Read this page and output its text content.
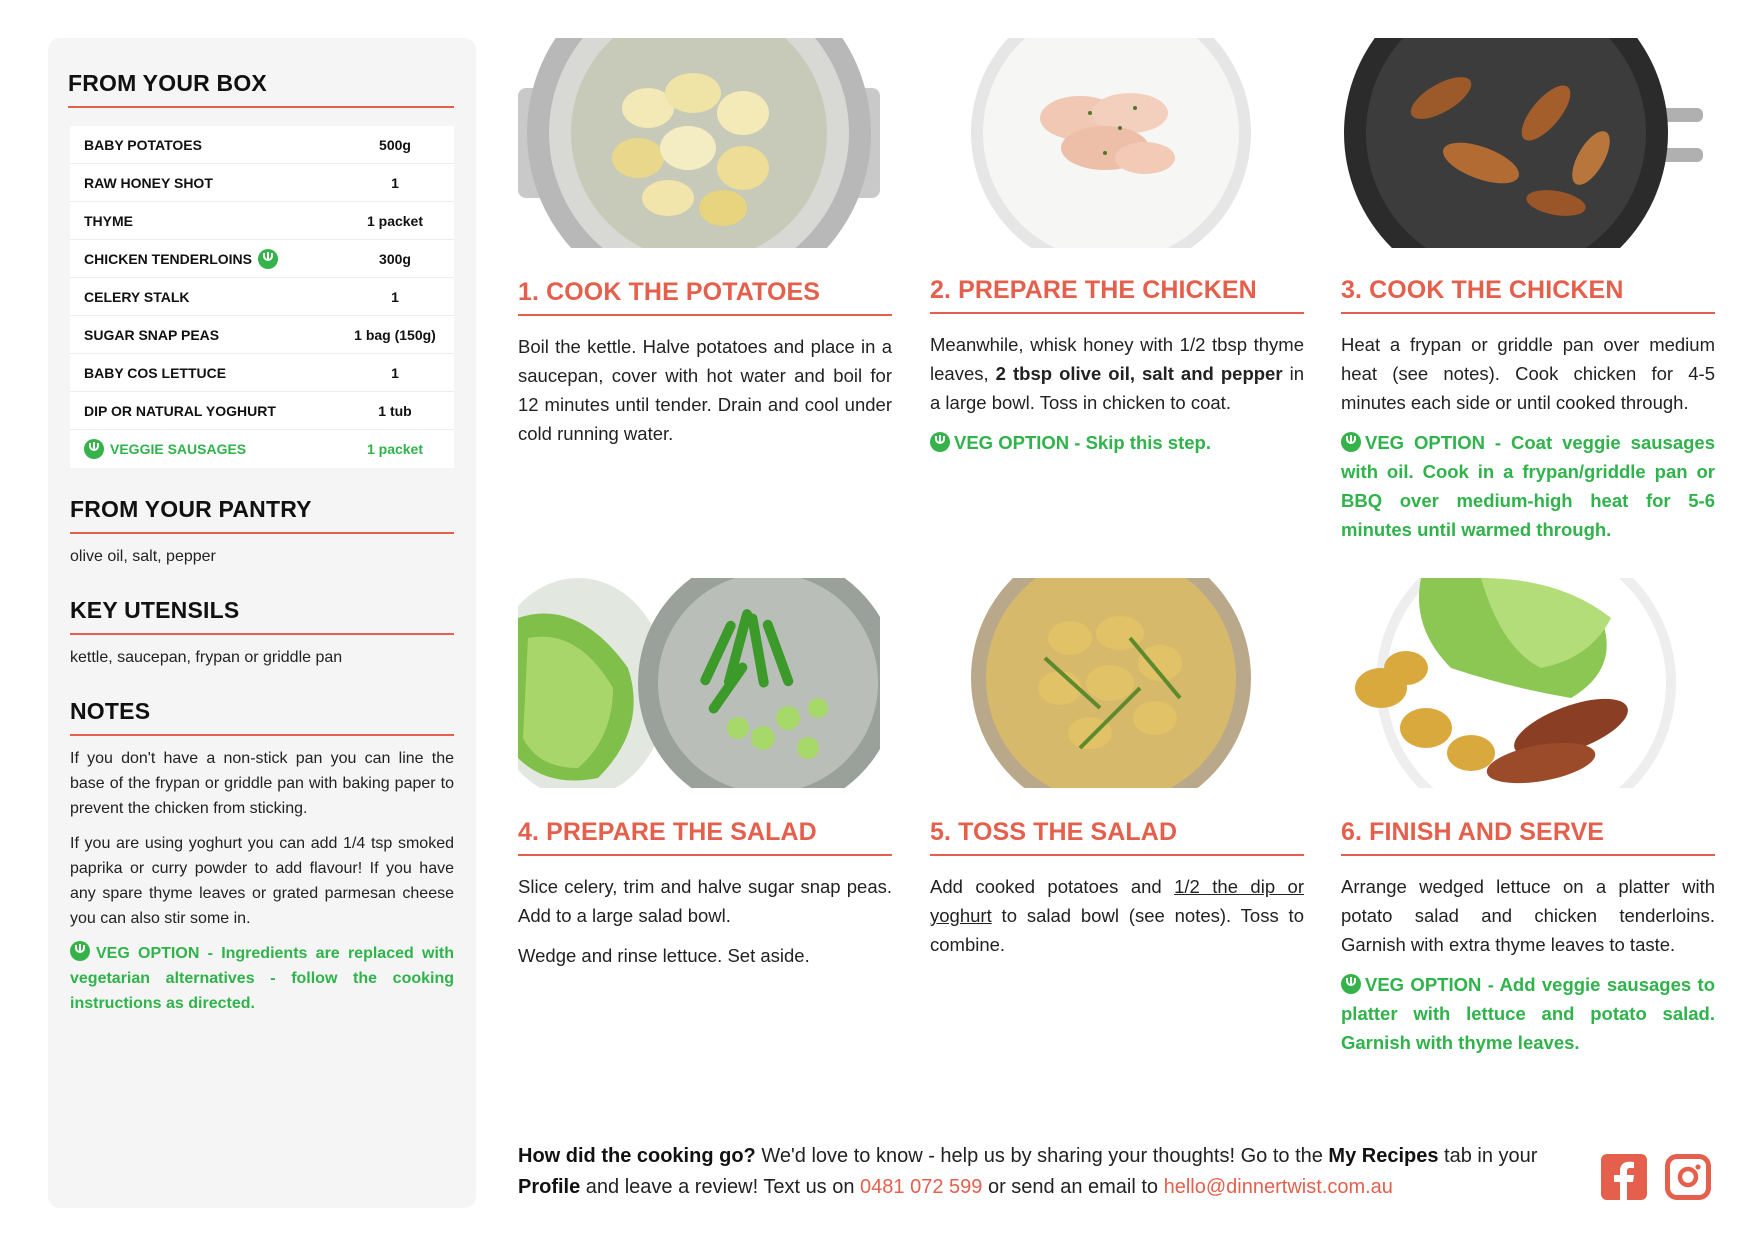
FROM YOUR BOX
BABY POTATOES	500g
RAW HONEY SHOT	1
THYME	1 packet
CHICKEN TENDERLOINS	300g
CELERY STALK	1
SUGAR SNAP PEAS	1 bag (150g)
BABY COS LETTUCE	1
DIP OR NATURAL YOGHURT	1 tub
VEGGIE SAUSAGES	1 packet
FROM YOUR PANTRY
olive oil, salt, pepper
KEY UTENSILS
kettle, saucepan, frypan or griddle pan
NOTES

If you don't have a non-stick pan you can line the base of the frypan or griddle pan with baking paper to prevent the chicken from sticking.

If you are using yoghurt you can add 1/4 tsp smoked paprika or curry powder to add flavour! If you have any spare thyme leaves or grated parmesan cheese you can also stir some in.

VEG OPTION - Ingredients are replaced with vegetarian alternatives - follow the cooking instructions as directed.

1. COOK THE POTATOES

Boil the kettle. Halve potatoes and place in a saucepan, cover with hot water and boil for 12 minutes until tender. Drain and cool under cold running water.

2. PREPARE THE CHICKEN

Meanwhile, whisk honey with 1/2 tbsp thyme leaves, 2 tbsp olive oil, salt and pepper in a large bowl. Toss in chicken to coat.

VEG OPTION - Skip this step.

3. COOK THE CHICKEN

Heat a frypan or griddle pan over medium heat (see notes). Cook chicken for 4-5 minutes each side or until cooked through.

VEG OPTION - Coat veggie sausages with oil. Cook in a frypan/griddle pan or BBQ over medium-high heat for 5-6 minutes until warmed through.

4. PREPARE THE SALAD

Slice celery, trim and halve sugar snap peas. Add to a large salad bowl.

Wedge and rinse lettuce. Set aside.

5. TOSS THE SALAD

Add cooked potatoes and 1/2 the dip or yoghurt to salad bowl (see notes). Toss to combine.

6. FINISH AND SERVE

Arrange wedged lettuce on a platter with potato salad and chicken tenderloins. Garnish with extra thyme leaves to taste.

VEG OPTION - Add veggie sausages to platter with lettuce and potato salad. Garnish with thyme leaves.

How did the cooking go? We'd love to know - help us by sharing your thoughts! Go to the My Recipes tab in your Profile and leave a review! Text us on 0481 072 599 or send an email to hello@dinnertwist.com.au
